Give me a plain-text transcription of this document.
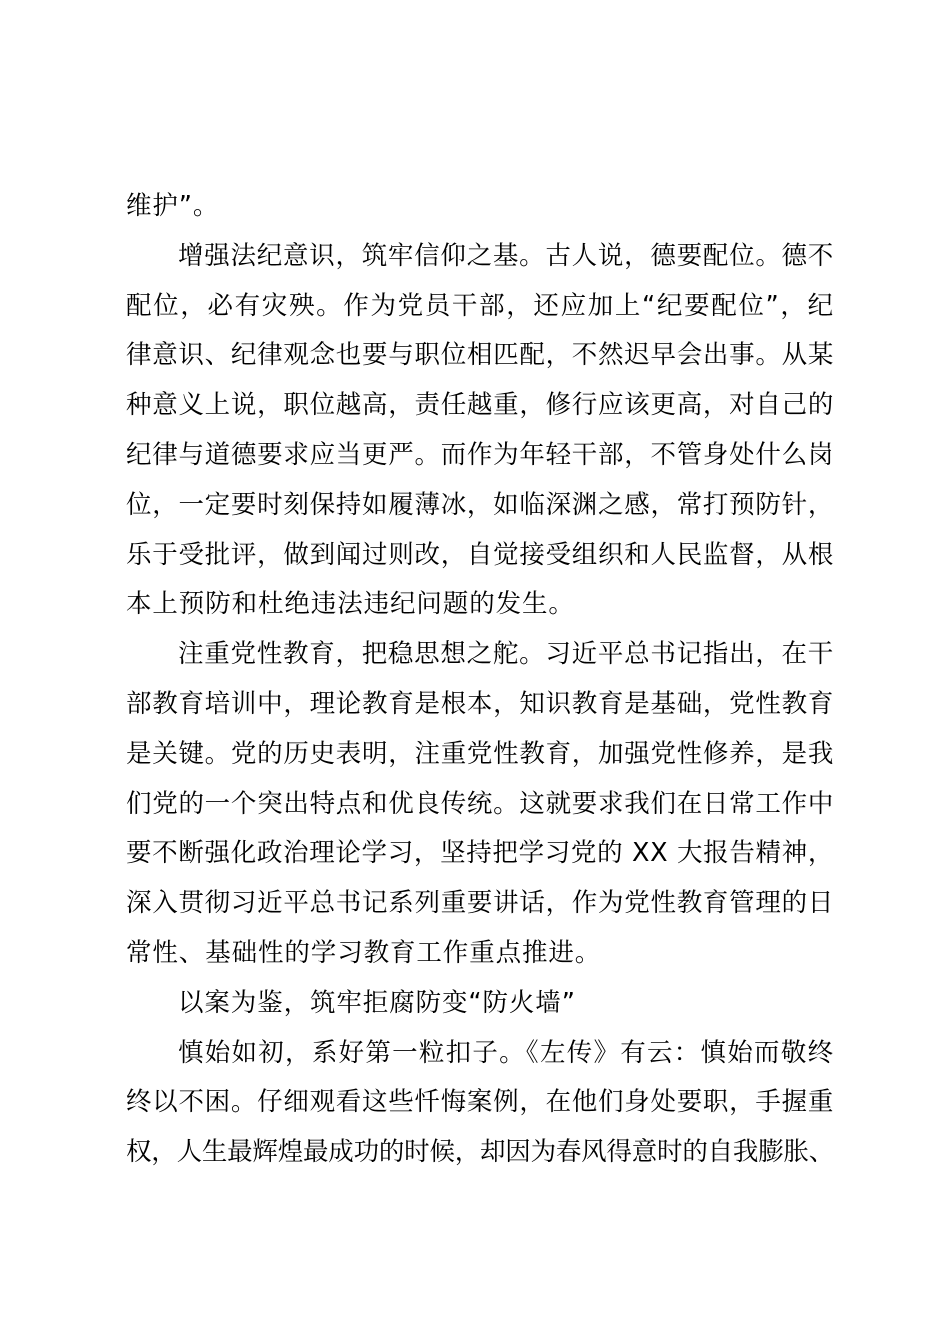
维护”。
增强法纪意识，筑牢信仰之基。古人说，德要配位。德不
配位，必有灾殃。作为党员干部，还应加上“纪要配位”，纪
律意识、纪律观念也要与职位相匹配，不然迟早会出事。从某
种意义上说，职位越高，责任越重，修行应该更高，对自己的
纪律与道德要求应当更严。而作为年轻干部，不管身处什么岗
位，一定要时刻保持如履薄冰，如临深渊之感，常打预防针，
乐于受批评，做到闻过则改，自觉接受组织和人民监督，从根
本上预防和杜绝违法违纪问题的发生。
注重党性教育，把稳思想之舵。习近平总书记指出，在干
部教育培训中，理论教育是根本，知识教育是基础，党性教育
是关键。党的历史表明，注重党性教育，加强党性修养，是我
们党的一个突出特点和优良传统。这就要求我们在日常工作中
要不断强化政治理论学习，坚持把学习党的 XX 大报告精神，
深入贯彻习近平总书记系列重要讲话，作为党性教育管理的日
常性、基础性的学习教育工作重点推进。
以案为鉴，筑牢拒腐防变“防火墙”
慎始如初，系好第一粒扣子。《左传》有云：慎始而敬终
终以不困。仔细观看这些忏悔案例，在他们身处要职，手握重
权，人生最辉煌最成功的时候，却因为春风得意时的自我膨胀、
